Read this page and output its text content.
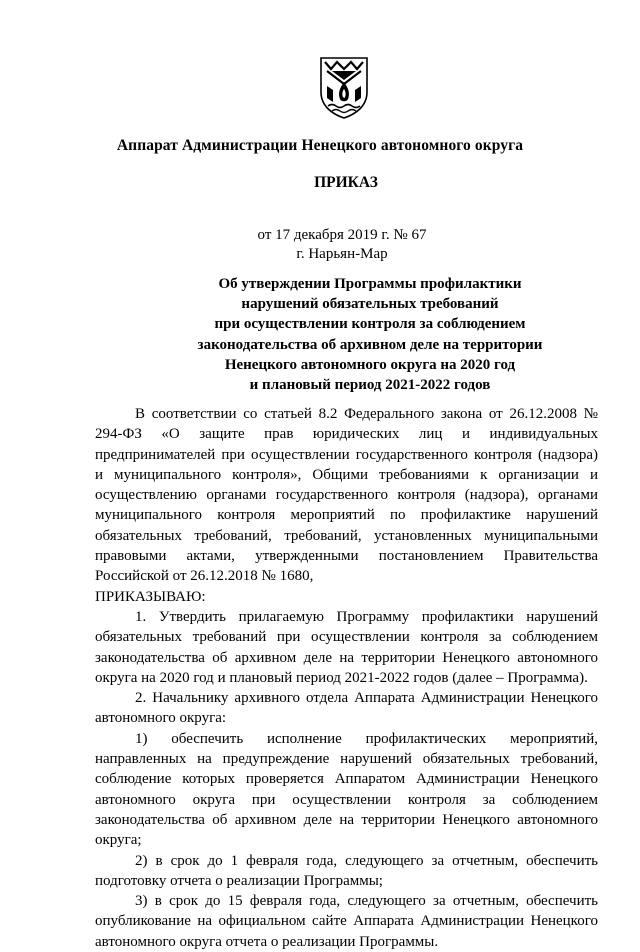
Аппарат Администрации Ненецкого автономного округа
ПРИКАЗ
от 17 декабря 2019 г. № 67
г. Нарьян-Мар
Об утверждении Программы профилактики
нарушений обязательных требований
при осуществлении контроля за соблюдением
законодательства об архивном деле на территории
Ненецкого автономного округа на 2020 год
и плановый период 2021-2022 годов

В соответствии со статьей 8.2 Федерального закона от 26.12.2008 № 294-ФЗ «О защите прав юридических лиц и индивидуальных предпринимателей при осуществлении государственного контроля (надзора) и муниципального контроля», Общими требованиями к организации и осуществлению органами государственного контроля (надзора), органами муниципального контроля мероприятий по профилактике нарушений обязательных требований, требований, установленных муниципальными правовыми актами, утвержденными постановлением Правительства Российской от 26.12.2018 № 1680,

ПРИКАЗЫВАЮ:

1. Утвердить прилагаемую Программу профилактики нарушений обязательных требований при осуществлении контроля за соблюдением законодательства об архивном деле на территории Ненецкого автономного округа на 2020 год и плановый период 2021-2022 годов (далее – Программа).

2. Начальнику архивного отдела Аппарата Администрации Ненецкого автономного округа:

1) обеспечить исполнение профилактических мероприятий, направленных на предупреждение нарушений обязательных требований, соблюдение которых проверяется Аппаратом Администрации Ненецкого автономного округа при осуществлении контроля за соблюдением законодательства об архивном деле на территории Ненецкого автономного округа;

2) в срок до 1 февраля года, следующего за отчетным, обеспечить подготовку отчета о реализации Программы;

3) в срок до 15 февраля года, следующего за отчетным, обеспечить опубликование на официальном сайте Аппарата Администрации Ненецкого автономного округа отчета о реализации Программы.
